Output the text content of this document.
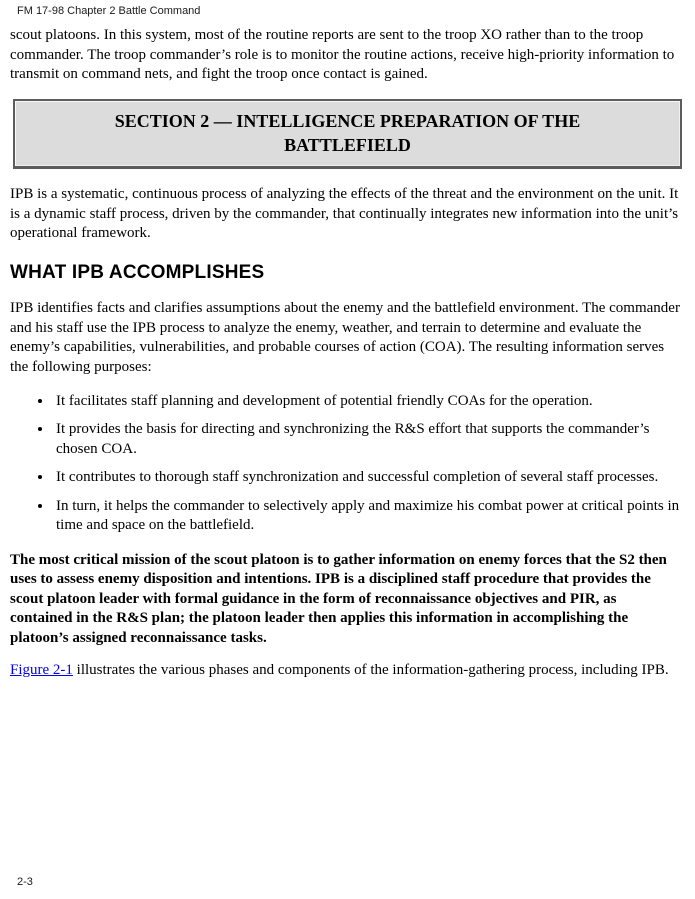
FM 17-98 Chapter 2 Battle Command

scout platoons. In this system, most of the routine reports are sent to the troop XO rather than to the troop commander. The troop commander’s role is to monitor the routine actions, receive high-priority information to transmit on command nets, and fight the troop once contact is gained.

SECTION 2 — INTELLIGENCE PREPARATION OF THE BATTLEFIELD

IPB is a systematic, continuous process of analyzing the effects of the threat and the environment on the unit. It is a dynamic staff process, driven by the commander, that continually integrates new information into the unit’s operational framework.

WHAT IPB ACCOMPLISHES

IPB identifies facts and clarifies assumptions about the enemy and the battlefield environment. The commander and his staff use the IPB process to analyze the enemy, weather, and terrain to determine and evaluate the enemy’s capabilities, vulnerabilities, and probable courses of action (COA). The resulting information serves the following purposes:

• It facilitates staff planning and development of potential friendly COAs for the operation.
• It provides the basis for directing and synchronizing the R&S effort that supports the commander’s chosen COA.
• It contributes to thorough staff synchronization and successful completion of several staff processes.
• In turn, it helps the commander to selectively apply and maximize his combat power at critical points in time and space on the battlefield.

The most critical mission of the scout platoon is to gather information on enemy forces that the S2 then uses to assess enemy disposition and intentions. IPB is a disciplined staff procedure that provides the scout platoon leader with formal guidance in the form of reconnaissance objectives and PIR, as contained in the R&S plan; the platoon leader then applies this information in accomplishing the platoon’s assigned reconnaissance tasks.

Figure 2-1 illustrates the various phases and components of the information-gathering process, including IPB.

2-3
